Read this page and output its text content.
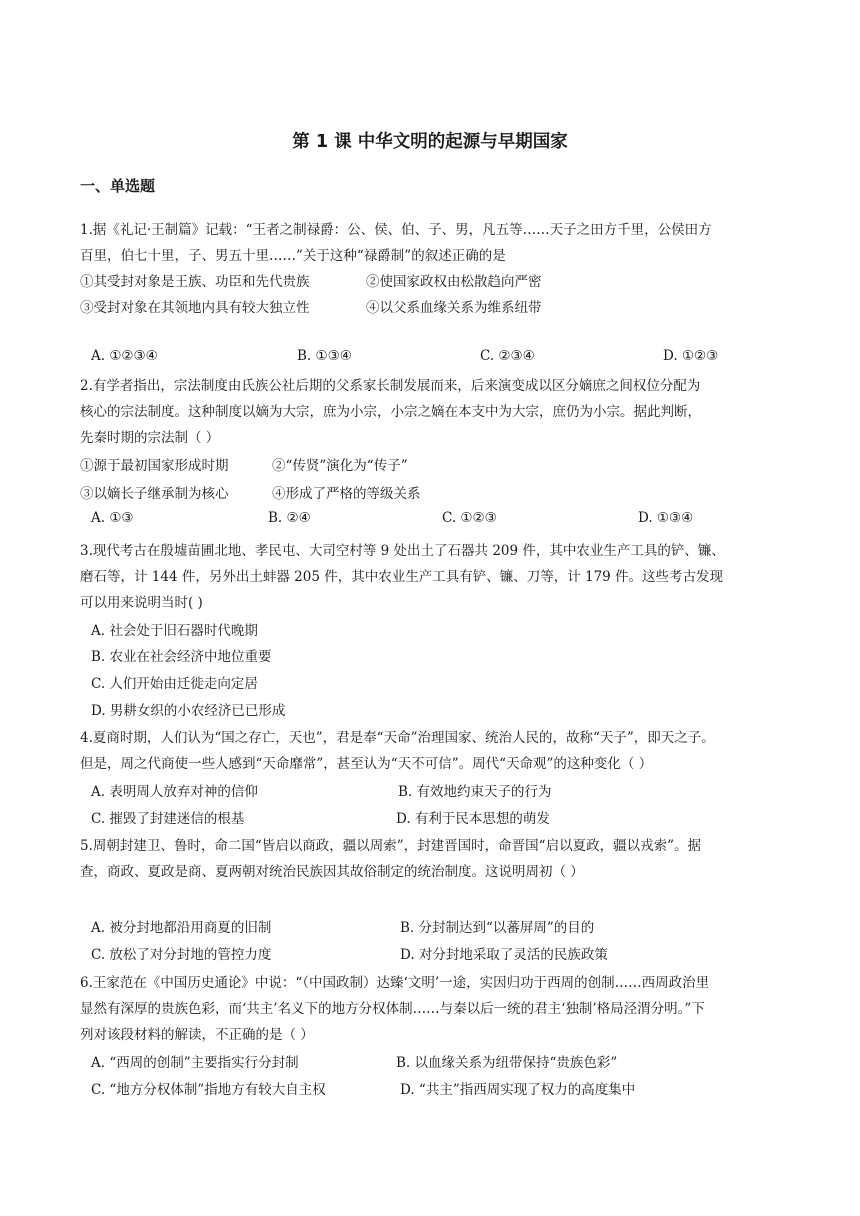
第 1 课 中华文明的起源与早期国家
一、单选题
1.据《礼记·王制篇》记载：“王者之制禄爵：公、侯、伯、子、男，凡五等……天子之田方千里，公侯田方
百里，伯七十里，子、男五十里……”关于这种“禄爵制”的叙述正确的是
①其受封对象是王族、功臣和先代贵族	②使国家政权由松散趋向严密
③受封对象在其领地内具有较大独立性	④以父系血缘关系为维系纽带
A. ①②③④	B. ①③④	C. ②③④	D. ①②③
2.有学者指出，宗法制度由氏族公社后期的父系家长制发展而来，后来演变成以区分嫡庶之间权位分配为
核心的宗法制度。这种制度以嫡为大宗，庶为小宗，小宗之嫡在本支中为大宗，庶仍为小宗。据此判断，
先秦时期的宗法制（ ）
①源于最初国家形成时期	②“传贤”演化为“传子”
③以嫡长子继承制为核心	④形成了严格的等级关系
A. ①③	B. ②④	C. ①②③	D. ①③④
3.现代考古在殷墟苗圃北地、孝民屯、大司空村等 9 处出土了石器共 209 件，其中农业生产工具的铲、镰、
磨石等，计 144 件，另外出土蚌器 205 件，其中农业生产工具有铲、镰、刀等，计 179 件。这些考古发现
可以用来说明当时( )
A. 社会处于旧石器时代晚期
B. 农业在社会经济中地位重要
C. 人们开始由迁徙走向定居
D. 男耕女织的小农经济已已形成
4.夏商时期，人们认为“国之存亡，天也”，君是奉“天命”治理国家、统治人民的，故称“天子”，即天之子。
但是，周之代商使一些人感到“天命靡常”，甚至认为“天不可信”。周代“天命观”的这种变化（ ）
A. 表明周人放弃对神的信仰	B. 有效地约束天子的行为
C. 摧毁了封建迷信的根基	D. 有利于民本思想的萌发
5.周朝封建卫、鲁时，命二国“皆启以商政，疆以周索”，封建晋国时，命晋国“启以夏政，疆以戎索”。据
查，商政、夏政是商、夏两朝对统治民族因其故俗制定的统治制度。这说明周初（ ）
A. 被分封地都沿用商夏的旧制	B. 分封制达到“以蕃屏周”的目的
C. 放松了对分封地的管控力度	D. 对分封地采取了灵活的民族政策
6.王家范在《中国历史通论》中说：“（中国政制）达臻‘文明’一途，实因归功于西周的创制……西周政治里
显然有深厚的贵族色彩，而‘共主’名义下的地方分权体制……与秦以后一统的君主‘独制’格局泾渭分明。”下
列对该段材料的解读，不正确的是（ ）
A. “西周的创制”主要指实行分封制	B. 以血缘关系为纽带保持“贵族色彩”
C. “地方分权体制”指地方有较大自主权	D. “共主”指西周实现了权力的高度集中
